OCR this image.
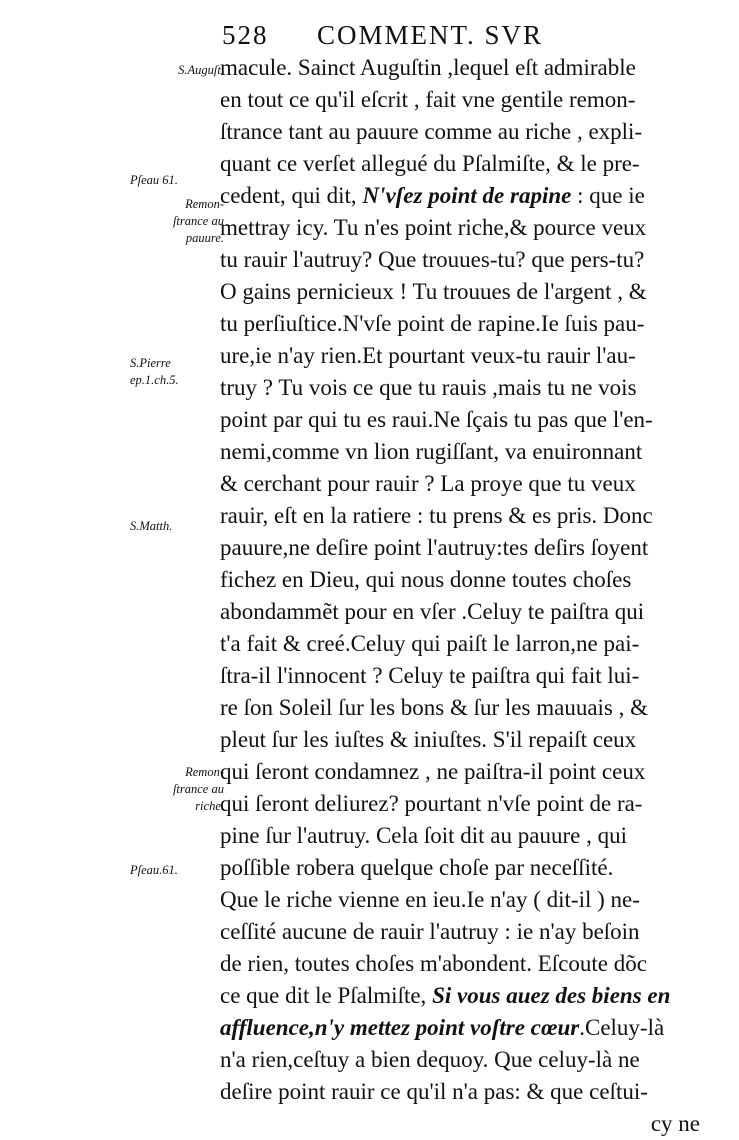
528

COMMENT. SVR

S.Auguſt.
Pſeau 61.
Remon-
ſtrance au
pauure.
S.Pierre
ep.1.ch.5.
S.Matth.
Remon-
ſtrance au
riche.
Pſeau.61.
macule. Sainct Auguſtin ,lequel eſt admirable
en tout ce qu'il eſcrit , fait vne gentile remon-
ſtrance tant au pauure comme au riche , expli-
quant ce verſet allegué du Pſalmiſte, & le pre-
cedent, qui dit, N'vſez point de rapine : que ie
mettray icy. Tu n'es point riche,& pource veux
tu rauir l'autruy? Que trouues-tu? que pers-tu?
O gains pernicieux ! Tu trouues de l'argent , &
tu perſiuſtice.N'vſe point de rapine.Ie ſuis pau-
ure,ie n'ay rien.Et pourtant veux-tu rauir l'au-
truy ? Tu vois ce que tu rauis ,mais tu ne vois
point par qui tu es raui.Ne ſçais tu pas que l'en-
nemi,comme vn lion rugiſſant, va enuironnant
& cerchant pour rauir ? La proye que tu veux
rauir, eſt en la ratiere : tu prens & es pris. Donc
pauure,ne deſire point l'autruy:tes deſirs ſoyent
fichez en Dieu, qui nous donne toutes choſes
abondammẽt pour en vſer .Celuy te paiſtra qui
t'a fait & creé.Celuy qui paiſt le larron,ne pai-
ſtra-il l'innocent ? Celuy te paiſtra qui fait lui-
re ſon Soleil ſur les bons & ſur les mauuais , &
pleut ſur les iuſtes & iniuſtes. S'il repaiſt ceux
qui ſeront condamnez , ne paiſtra-il point ceux
qui ſeront deliurez? pourtant n'vſe point de ra-
pine ſur l'autruy. Cela ſoit dit au pauure , qui
poſſible robera quelque choſe par neceſſité.
Que le riche vienne en ieu.Ie n'ay ( dit-il ) ne-
ceſſité aucune de rauir l'autruy : ie n'ay beſoin
de rien, toutes choſes m'abondent. Eſcoute dõc
ce que dit le Pſalmiſte, Si vous auez des biens en
affluence,n'y mettez point voſtre cœur.Celuy-là
n'a rien,ceſtuy a bien dequoy. Que celuy-là ne
deſire point rauir ce qu'il n'a pas: & que ceſtui-
cy ne
